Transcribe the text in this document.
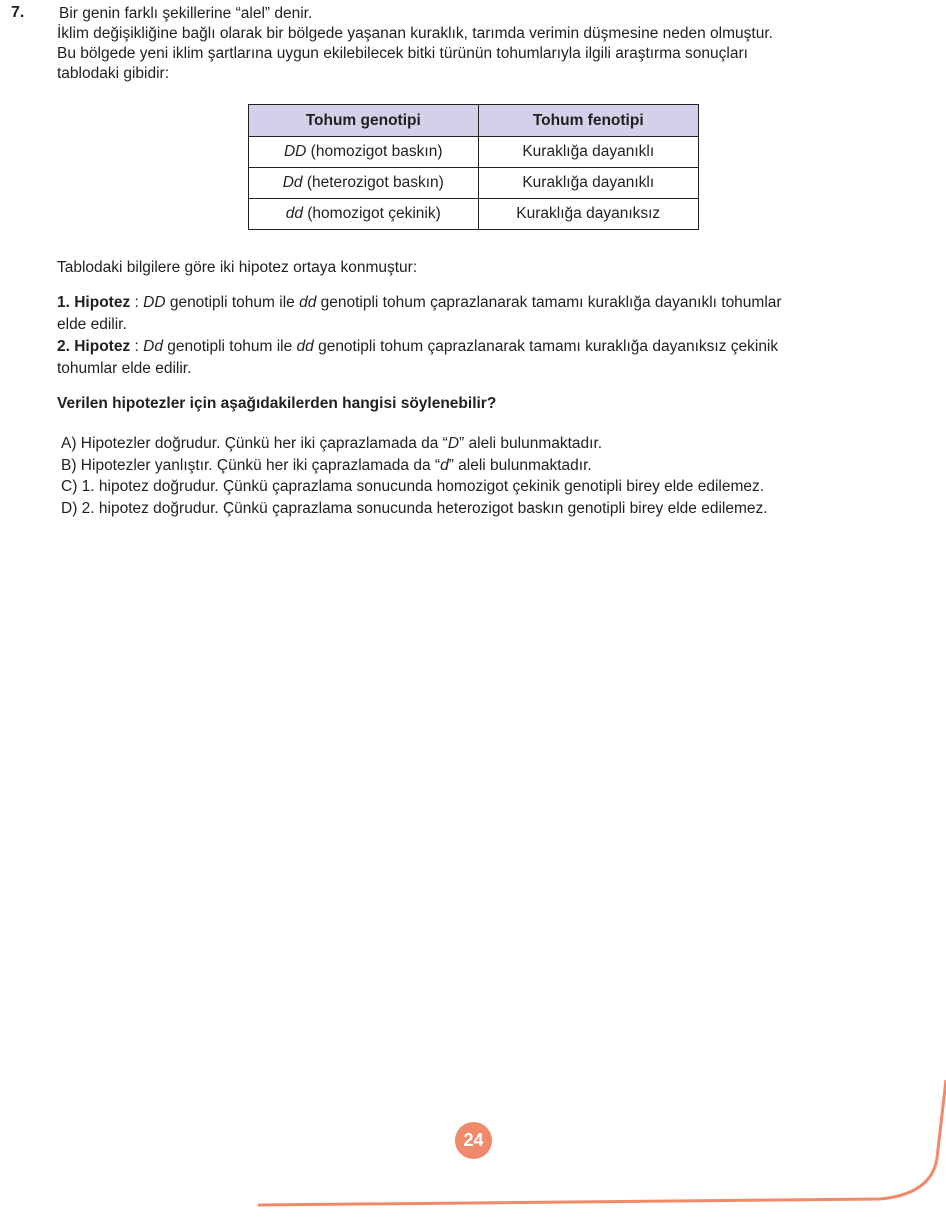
7. Bir genin farklı şekillerine “alel” denir.

İklim değişikliğine bağlı olarak bir bölgede yaşanan kuraklık, tarımda verimin düşmesine neden olmuştur.

Bu bölgede yeni iklim şartlarına uygun ekilebilecek bitki türünün tohumlarıyla ilgili araştırma sonuçları

tablodaki gibidir:

Tohum genotipi	Tohum fenotipi
DD (homozigot baskın)	Kuraklığa dayanıklı
Dd (heterozigot baskın)	Kuraklığa dayanıklı
dd (homozigot çekinik)	Kuraklığa dayanıksız
Tablodaki bilgilere göre iki hipotez ortaya konmuştur:

1. Hipotez : DD genotipli tohum ile dd genotipli tohum çaprazlanarak tamamı kuraklığa dayanıklı tohumlar

elde edilir.

2. Hipotez : Dd genotipli tohum ile dd genotipli tohum çaprazlanarak tamamı kuraklığa dayanıksız çekinik

tohumlar elde edilir.

Verilen hipotezler için aşağıdakilerden hangisi söylenebilir?
A) Hipotezler doğrudur. Çünkü her iki çaprazlamada da “D” aleli bulunmaktadır.
B) Hipotezler yanlıştır. Çünkü her iki çaprazlamada da “d” aleli bulunmaktadır.
C) 1. hipotez doğrudur. Çünkü çaprazlama sonucunda homozigot çekinik genotipli birey elde edilemez.
D) 2. hipotez doğrudur. Çünkü çaprazlama sonucunda heterozigot baskın genotipli birey elde edilemez.
24
